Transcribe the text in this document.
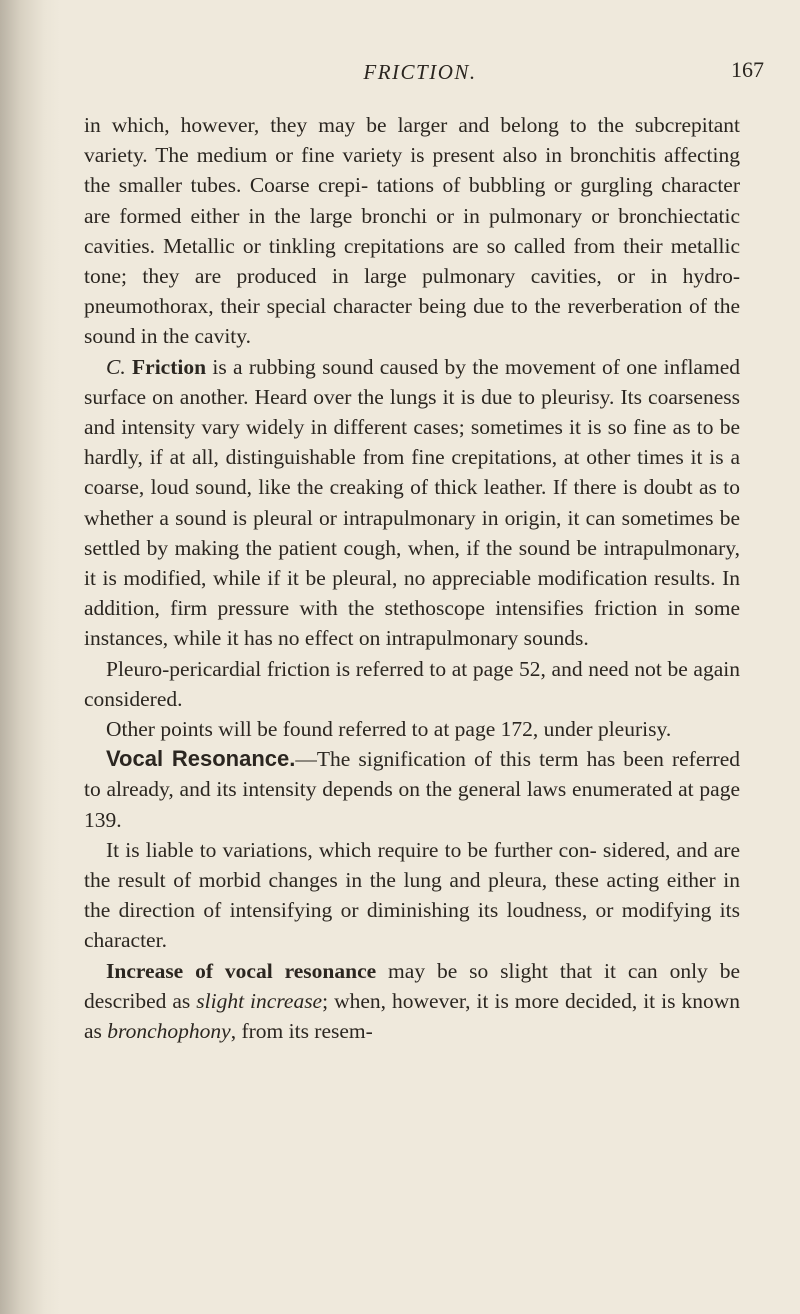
FRICTION.	167

in which, however, they may be larger and belong to the subcrepitant variety. The medium or fine variety is present also in bronchitis affecting the smaller tubes. Coarse crepi- tations of bubbling or gurgling character are formed either in the large bronchi or in pulmonary or bronchiectatic cavities. Metallic or tinkling crepitations are so called from their metallic tone; they are produced in large pulmonary cavities, or in hydro-pneumothorax, their special character being due to the reverberation of the sound in the cavity.

C. Friction is a rubbing sound caused by the movement of one inflamed surface on another. Heard over the lungs it is due to pleurisy. Its coarseness and intensity vary widely in different cases; sometimes it is so fine as to be hardly, if at all, distinguishable from fine crepitations, at other times it is a coarse, loud sound, like the creaking of thick leather. If there is doubt as to whether a sound is pleural or intrapulmonary in origin, it can sometimes be settled by making the patient cough, when, if the sound be intrapulmonary, it is modified, while if it be pleural, no appreciable modification results. In addition, firm pressure with the stethoscope intensifies friction in some instances, while it has no effect on intrapulmonary sounds.

Pleuro-pericardial friction is referred to at page 52, and need not be again considered.

Other points will be found referred to at page 172, under pleurisy.

Vocal Resonance.—The signification of this term has been referred to already, and its intensity depends on the general laws enumerated at page 139.

It is liable to variations, which require to be further con- sidered, and are the result of morbid changes in the lung and pleura, these acting either in the direction of intensifying or diminishing its loudness, or modifying its character.

Increase of vocal resonance may be so slight that it can only be described as slight increase; when, however, it is more decided, it is known as bronchophony, from its resem-
